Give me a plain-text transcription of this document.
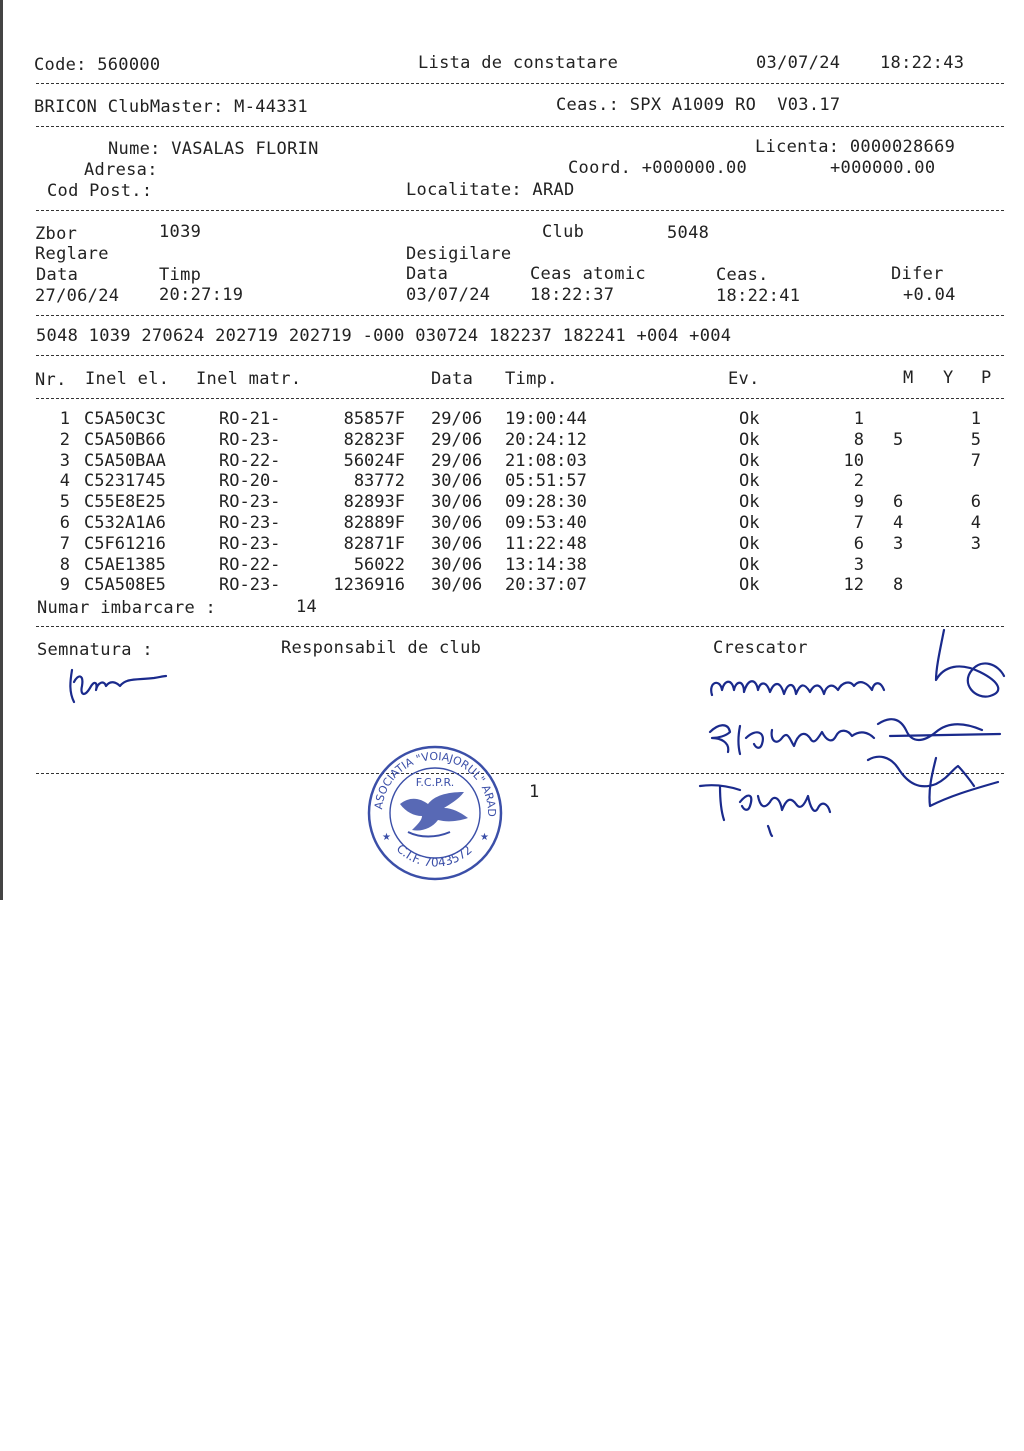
Code: 560000	Lista de constatare	03/07/24 18:22:43
BRICON ClubMaster: M-44331	Ceas.: SPX A1009 RO  V03.17
Nume: VASALAS FLORIN	Licenta: 0000028669
Adresa:	Coord. +000000.00	+000000.00
Cod Post.:	Localitate: ARAD
Zbor	1039	Club	5048
Reglare	Desigilare
Data	Timp	Data	Ceas atomic	Ceas.	Difer
27/06/24 20:27:19	03/07/24 18:22:37	18:22:41	+0.04
5048 1039 270624 202719 202719 -000 030724 182237 182241 +004 +004
Nr. Inel el. Inel matr.	Data Timp.	Ev.	M Y P
1 C5A50C3C	RO-21-	85857F 29/06 19:00:44	Ok	1	1
2 C5A50B66	RO-23-	82823F 29/06 20:24:12	Ok	8 5	5
3 C5A50BAA	RO-22-	56024F 29/06 21:08:03	Ok	10	7
4 C5231745	RO-20-	83772 30/06 05:51:57	Ok	2
5 C55E8E25	RO-23-	82893F 30/06 09:28:30	Ok	9 6	6
6 C532A1A6	RO-23-	82889F 30/06 09:53:40	Ok	7 4	4
7 C5F61216	RO-23-	82871F 30/06 11:22:48	Ok	6 3	3
8 C5AE1385	RO-22-	56022 30/06 13:14:38	Ok	3
9 C5A508E5	RO-23-	1236916 30/06 20:37:07	Ok	12 8
Numar imbarcare :	14
Semnatura :	Responsabil de club	Crescator
1
ASOCIATIA "VOIAJORUL" ARAD
C.I.F. 7043572
F.C.P.R.
★	★
